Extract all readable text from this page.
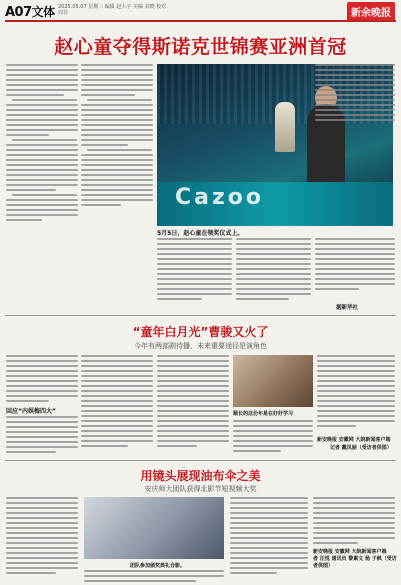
A07文体 2025.05.07 星期三 编辑 赵大宇 美编 刘晓 校对 周菲	新余晚报
赵心童夺得斯诺克世锦赛亚洲首冠
Cazoo
5月5日，赵心童在领奖仪式上。
据新华社
“童年白月光”曹骏又火了
今年有两部剧待播，未来重要途径是演角色
回应“内娱梅四大”	顺长的这份年是在好好学习
新安晚报 安徽网 大皖新闻客户端
记者 戴凤丽（受访者供图）
用镜头展现油布伞之美
安庆师大团队获得北影节短视频大奖
团队参加颁奖典礼合影。
新安晚报 安徽网 大皖新闻客户端
者 汪悦 通讯员 黎素文 杨 子枫（受访者供图）
